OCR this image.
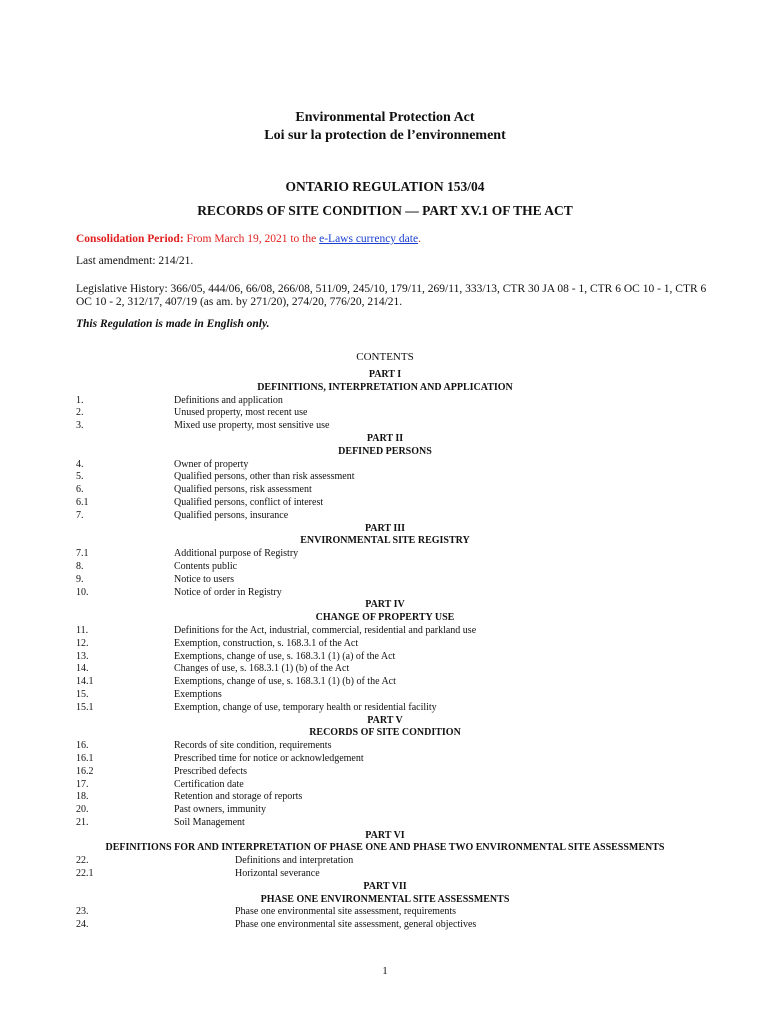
Environmental Protection Act
Loi sur la protection de l’environnement
ONTARIO REGULATION 153/04
RECORDS OF SITE CONDITION — PART XV.1 OF THE ACT
Consolidation Period: From March 19, 2021 to the e-Laws currency date.
Last amendment: 214/21.
Legislative History: 366/05, 444/06, 66/08, 266/08, 511/09, 245/10, 179/11, 269/11, 333/13, CTR 30 JA 08 - 1, CTR 6 OC 10 - 1, CTR 6 OC 10 - 2, 312/17, 407/19 (as am. by 271/20), 274/20, 776/20, 214/21.
This Regulation is made in English only.
CONTENTS
PART I
DEFINITIONS, INTERPRETATION AND APPLICATION
1.	Definitions and application
2.	Unused property, most recent use
3.	Mixed use property, most sensitive use
PART II
DEFINED PERSONS
4.	Owner of property
5.	Qualified persons, other than risk assessment
6.	Qualified persons, risk assessment
6.1	Qualified persons, conflict of interest
7.	Qualified persons, insurance
PART III
ENVIRONMENTAL SITE REGISTRY
7.1	Additional purpose of Registry
8.	Contents public
9.	Notice to users
10.	Notice of order in Registry
PART IV
CHANGE OF PROPERTY USE
11.	Definitions for the Act, industrial, commercial, residential and parkland use
12.	Exemption, construction, s. 168.3.1 of the Act
13.	Exemptions, change of use, s. 168.3.1 (1) (a) of the Act
14.	Changes of use, s. 168.3.1 (1) (b) of the Act
14.1	Exemptions, change of use, s. 168.3.1 (1) (b) of the Act
15.	Exemptions
15.1	Exemption, change of use, temporary health or residential facility
PART V
RECORDS OF SITE CONDITION
16.	Records of site condition, requirements
16.1	Prescribed time for notice or acknowledgement
16.2	Prescribed defects
17.	Certification date
18.	Retention and storage of reports
20.	Past owners, immunity
21.	Soil Management
PART VI
DEFINITIONS FOR AND INTERPRETATION OF PHASE ONE AND PHASE TWO ENVIRONMENTAL SITE ASSESSMENTS
22.	Definitions and interpretation
22.1	Horizontal severance
PART VII
PHASE ONE ENVIRONMENTAL SITE ASSESSMENTS
23.	Phase one environmental site assessment, requirements
24.	Phase one environmental site assessment, general objectives
1
